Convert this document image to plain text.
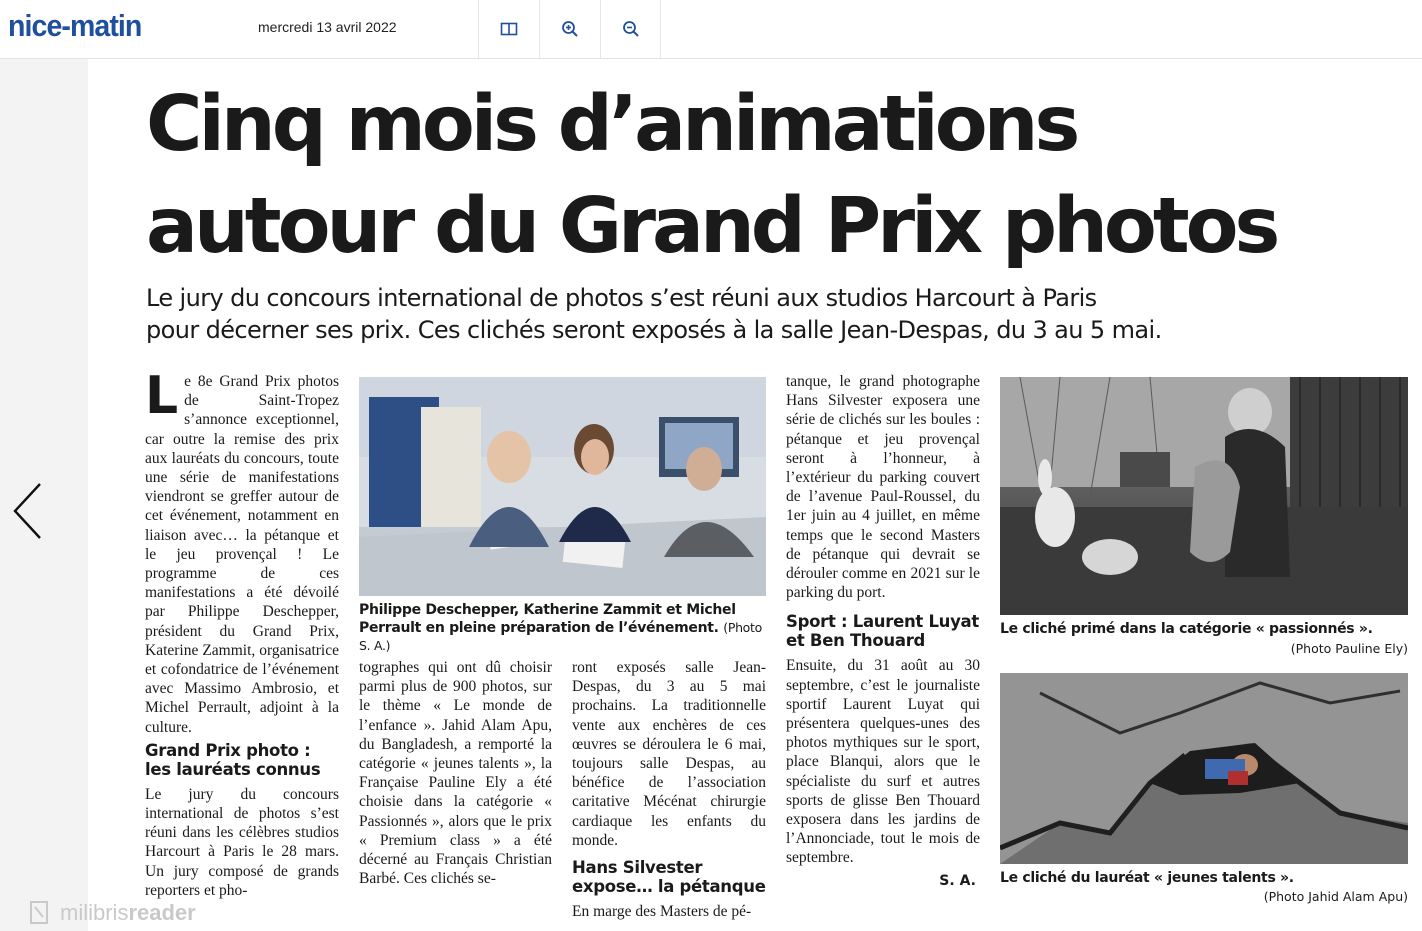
nice-matin	mercredi 13 avril 2022
milibrisreader
Cinq mois d’animations
autour du Grand Prix photos
Le jury du concours international de photos s’est réuni aux studios Harcourt à Paris
pour décerner ses prix. Ces clichés seront exposés à la salle Jean-Despas, du 3 au 5 mai.

Le 8e Grand Prix photos de Saint-Tropez s’annonce exceptionnel, car outre la remise des prix aux lauréats du concours, toute une série de manifestations viendront se greffer autour de cet événement, notamment en liaison avec… la pétanque et le jeu provençal ! Le programme de ces manifestations a été dévoilé par Philippe Deschepper, président du Grand Prix, Katerine Zammit, organisatrice et cofondatrice de l’événement avec Massimo Ambrosio, et Michel Perrault, adjoint à la culture.

Grand Prix photo : les lauréats connus

Le jury du concours international de photos s’est réuni dans les célèbres studios Harcourt à Paris le 28 mars. Un jury composé de grands reporters et pho-

Philippe Deschepper, Katherine Zammit et Michel Perrault en pleine préparation de l’événement. (Photo S. A.)

tographes qui ont dû choisir parmi plus de 900 photos, sur le thème « Le monde de l’enfance ». Jahid Alam Apu, du Bangladesh, a remporté la catégorie « jeunes talents », la Française Pauline Ely a été choisie dans la catégorie « Passionnés », alors que le prix « Premium class » a été décerné au Français Christian Barbé. Ces clichés se-

ront exposés salle Jean-Despas, du 3 au 5 mai prochains. La traditionnelle vente aux enchères de ces œuvres se déroulera le 6 mai, toujours salle Despas, au bénéfice de l’association caritative Mécénat chirurgie cardiaque les enfants du monde.

Hans Silvester expose… la pétanque

En marge des Masters de pé-

tanque, le grand photographe Hans Silvester exposera une série de clichés sur les boules : pétanque et jeu provençal seront à l’honneur, à l’extérieur du parking couvert de l’avenue Paul-Roussel, du 1er juin au 4 juillet, en même temps que le second Masters de pétanque qui devrait se dérouler comme en 2021 sur le parking du port.

Sport : Laurent Luyat et Ben Thouard

Ensuite, du 31 août au 30 septembre, c’est le journaliste sportif Laurent Luyat qui présentera quelques-unes des photos mythiques sur le sport, place Blanqui, alors que le spécialiste du surf et autres sports de glisse Ben Thouard exposera dans les jardins de l’Annonciade, tout le mois de septembre.

S. A.
Le cliché primé dans la catégorie « passionnés ».
(Photo Pauline Ely)
Le cliché du lauréat « jeunes talents ».
(Photo Jahid Alam Apu)
